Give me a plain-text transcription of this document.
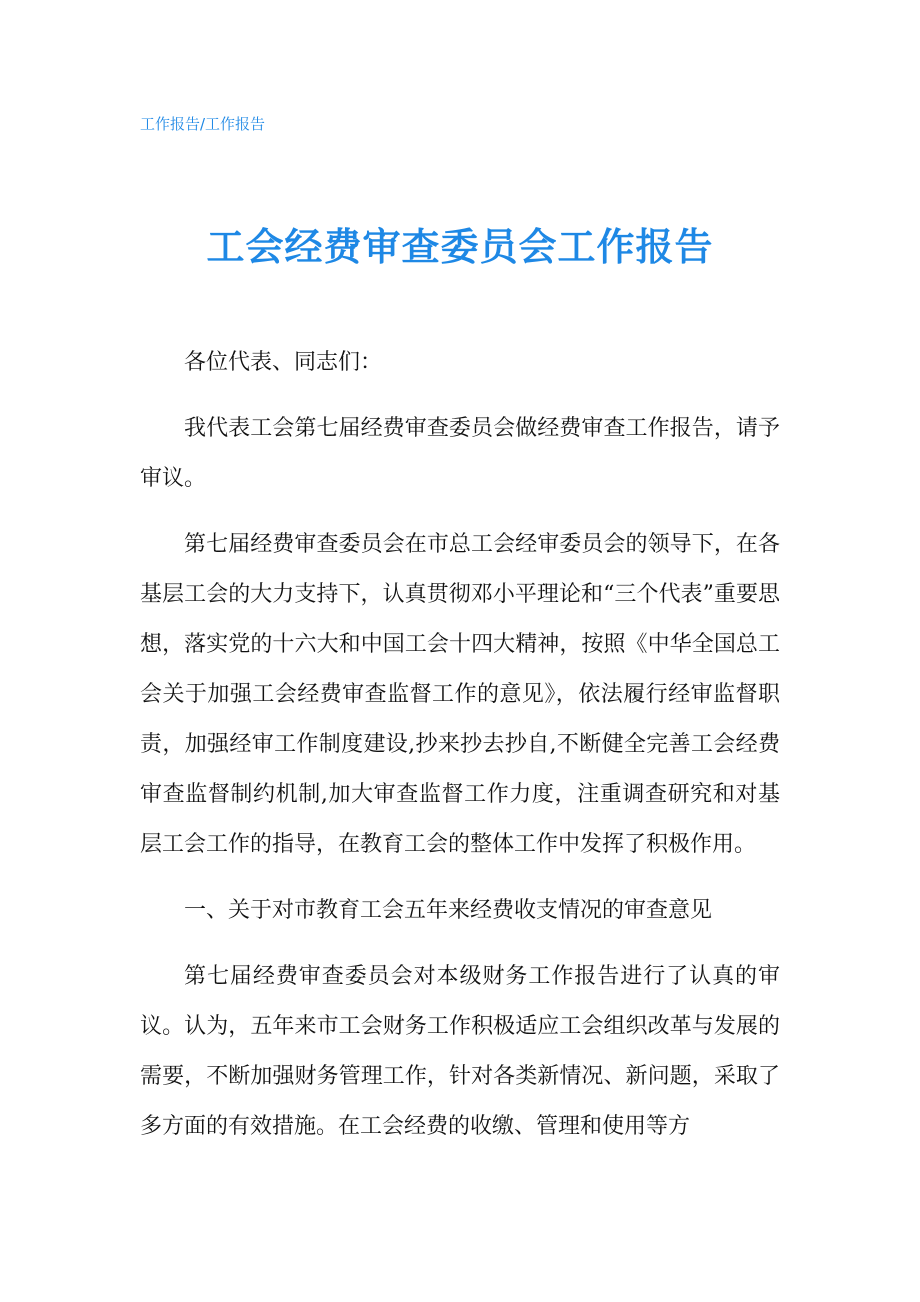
工作报告/工作报告
工会经费审查委员会工作报告

各位代表、同志们：

我代表工会第七届经费审查委员会做经费审查工作报告，请予审议。

第七届经费审查委员会在市总工会经审委员会的领导下，在各基层工会的大力支持下，认真贯彻邓小平理论和“三个代表”重要思想，落实党的十六大和中国工会十四大精神，按照《中华全国总工会关于加强工会经费审查监督工作的意见》，依法履行经审监督职责，加强经审工作制度建设,抄来抄去抄自,不断健全完善工会经费审查监督制约机制,加大审查监督工作力度，注重调查研究和对基层工会工作的指导，在教育工会的整体工作中发挥了积极作用。

一、关于对市教育工会五年来经费收支情况的审查意见

第七届经费审查委员会对本级财务工作报告进行了认真的审议。认为，五年来市工会财务工作积极适应工会组织改革与发展的需要，不断加强财务管理工作，针对各类新情况、新问题，采取了多方面的有效措施。在工会经费的收缴、管理和使用等方
